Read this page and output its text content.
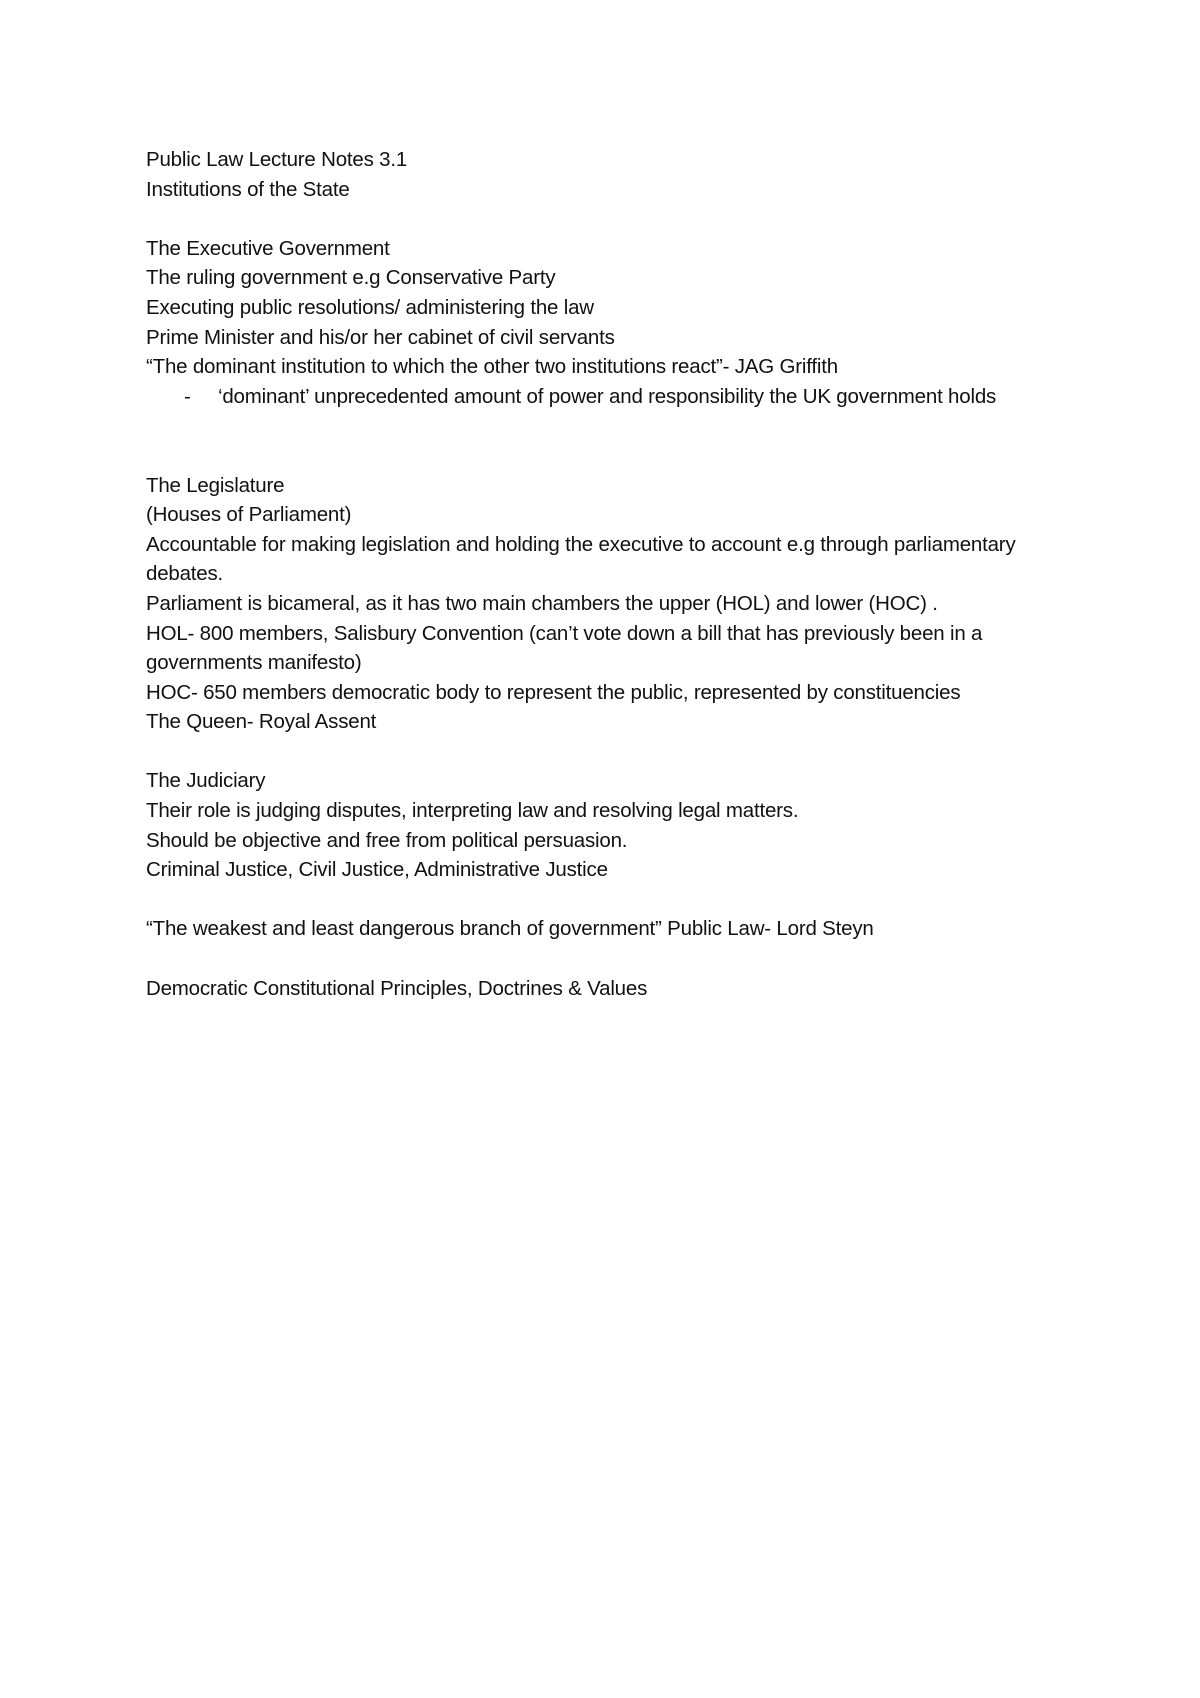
Public Law Lecture Notes 3.1
Institutions of the State
The Executive Government
The ruling government e.g Conservative Party
Executing public resolutions/ administering the law
Prime Minister and his/or her cabinet of civil servants
“The dominant institution to which the other two institutions react”- JAG Griffith
- ‘dominant’ unprecedented amount of power and responsibility the UK government holds
The Legislature
(Houses of Parliament)
Accountable for making legislation and holding the executive to account e.g through parliamentary debates.
Parliament is bicameral, as it has two main chambers the upper (HOL) and lower (HOC) .
HOL- 800 members, Salisbury Convention (can’t vote down a bill that has previously been in a governments manifesto)
HOC- 650 members democratic body to represent the public, represented by constituencies
The Queen- Royal Assent
The Judiciary
Their role is judging disputes, interpreting law and resolving legal matters.
Should be objective and free from political persuasion.
Criminal Justice, Civil Justice, Administrative Justice
“The weakest and least dangerous branch of government” Public Law- Lord Steyn
Democratic Constitutional Principles, Doctrines & Values
